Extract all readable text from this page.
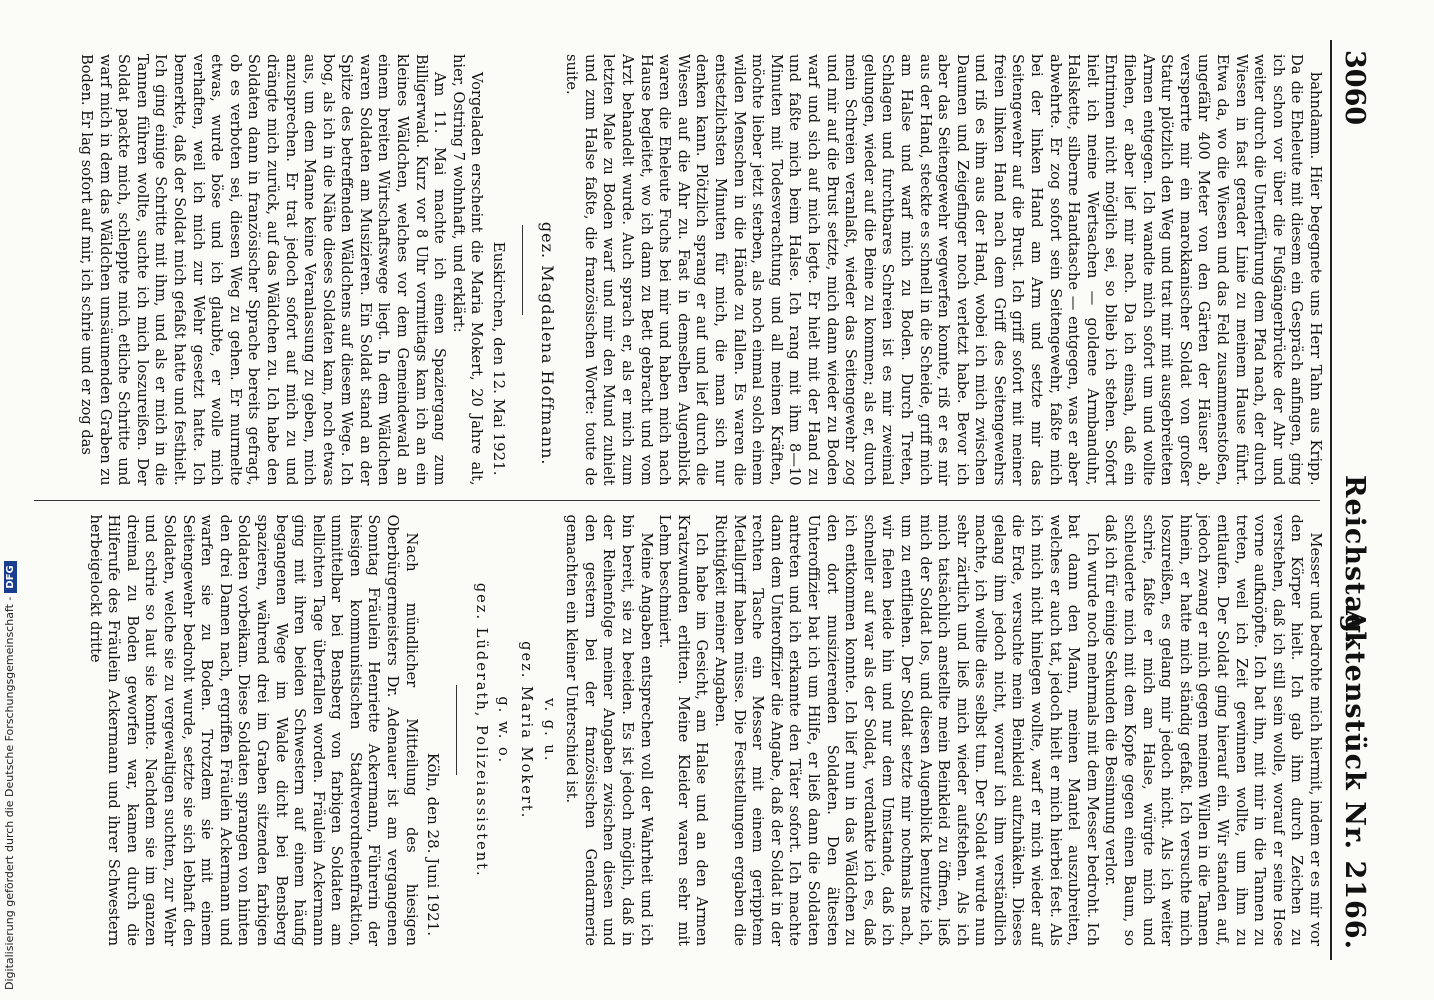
3060
Reichstag.
Aktenstück Nr. 2166.

bahndamm. Hier begegnete uns Herr Tahn aus Kripp. Da die Eheleute mit diesem ein Gespräch anfingen, ging ich schon vor über die Fußgängerbrücke der Ahr und weiter durch die Unterführung dem Pfad nach, der durch Wiesen in fast gerader Linie zu meinem Hause führt. Etwa da, wo die Wiesen und das Feld zusammenstoßen, ungefähr 400 Meter von den Gärten der Häuser ab, versperrte mir ein marokkanischer Soldat von großer Statur plötzlich den Weg und trat mir mit ausgebreiteten Armen entgegen. Ich wandte mich sofort um und wollte fliehen, er aber lief mir nach. Da ich einsah, daß ein Entrinnen nicht möglich sei, so blieb ich stehen. Sofort hielt ich meine Wertsachen — goldene Armbanduhr, Halskette, silberne Handtasche — entgegen, was er aber abwehrte. Er zog sofort sein Seitengewehr, faßte mich bei der linken Hand am Arm und setzte mir das Seitengewehr auf die Brust. Ich griff sofort mit meiner freien linken Hand nach dem Griff des Seitengewehrs und riß es ihm aus der Hand, wobei ich mich zwischen Daumen und Zeigefinger noch verletzt habe. Bevor ich aber das Seitengewehr wegwerfen konnte, riß er es mir aus der Hand, steckte es schnell in die Scheide, griff mich am Halse und warf mich zu Boden. Durch Treten, Schlagen und furchtbares Schreien ist es mir zweimal gelungen, wieder auf die Beine zu kommen; als er, durch mein Schreien veranlaßt, wieder das Seitengewehr zog und mir auf die Brust setzte, mich dann wieder zu Boden warf und sich auf mich legte. Er hielt mit der Hand zu und faßte mich beim Halse. Ich rang mit ihm 8—10 Minuten mit Todesverachtung und all meinen Kräften, möchte lieber jetzt sterben, als noch einmal solch einem wilden Menschen in die Hände zu fallen. Es waren die entsetzlichsten Minuten für mich, die man sich nur denken kann. Plötzlich sprang er auf und lief durch die Wiesen auf die Ahr zu. Fast in demselben Augenblick waren die Eheleute Fuchs bei mir und haben mich nach Hause begleitet, wo ich dann zu Bett gebracht und vom Arzt behandelt wurde. Auch sprach er, als er mich zum letzten Male zu Boden warf und mir den Mund zuhielt und zum Halse faßte, die französischen Worte: toute de suite.

gez. Magdalena Hoffmann.
Euskirchen, den 12. Mai 1921.

Vorgeladen erscheint die Maria Mokert, 20 Jahre alt, hier, Ostring 7 wohnhaft, und erklärt:

Am 11. Mai machte ich einen Spaziergang zum Billigerwald. Kurz vor 8 Uhr vormittags kam ich an ein kleines Wäldchen, welches vor dem Gemeindewald an einem breiten Wirtschaftswege liegt. In dem Wäldchen waren Soldaten am Musizieren. Ein Soldat stand an der Spitze des betreffenden Wäldchens auf diesem Wege. Ich bog, als ich in die Nähe dieses Soldaten kam, noch etwas aus, um dem Manne keine Veranlassung zu geben, mich anzusprechen. Er trat jedoch sofort auf mich zu und drängte mich zurück, auf das Wäldchen zu. Ich habe den Soldaten dann in französischer Sprache bereits gefragt, ob es verboten sei, diesen Weg zu gehen. Er murmelte etwas, wurde böse und ich glaubte, er wolle mich verhaften, weil ich mich zur Wehr gesetzt hatte. Ich bemerkte, daß der Soldat mich gefaßt hatte und festhielt. Ich ging einige Schritte mit ihm, und als er mich in die Tannen führen wollte, suchte ich mich loszureißen. Der Soldat packte mich, schleppte mich etliche Schritte und warf mich in dem das Wäldchen umsäumenden Graben zu Boden. Er lag sofort auf mir, ich schrie und er zog das

Messer und bedrohte mich hiermit, indem er es mir vor den Körper hielt. Ich gab ihm durch Zeichen zu verstehen, daß ich still sein wolle, worauf er seine Hose vorne aufknöpfte. Ich bat ihn, mit mir in die Tannen zu treten, weil ich Zeit gewinnen wollte, um ihm zu entlaufen. Der Soldat ging hierauf ein. Wir standen auf, jedoch zwang er mich gegen meinen Willen in die Tannen hinein, er hatte mich ständig gefaßt. Ich versuchte mich loszureißen, es gelang mir jedoch nicht. Als ich weiter schrie, faßte er mich am Halse, würgte mich und schleuderte mich mit dem Kopfe gegen einen Baum, so daß ich für einige Sekunden die Besinnung verlor.

Ich wurde noch mehrmals mit dem Messer bedroht. Ich bat dann den Mann, meinen Mantel auszubreiten, welches er auch tat, jedoch hielt er mich hierbei fest. Als ich mich nicht hinlegen wollte, warf er mich wieder auf die Erde, versuchte mein Beinkleid aufzuhäkeln. Dieses gelang ihm jedoch nicht, worauf ich ihm verständlich machte, ich wollte dies selbst tun. Der Soldat wurde nun sehr zärtlich und ließ mich wieder aufstehen. Als ich mich tatsächlich anstellte mein Beinkleid zu öffnen, ließ mich der Soldat los, und diesen Augenblick benutzte ich, um zu entfliehen. Der Soldat setzte mir nochmals nach, wir fielen beide hin und nur dem Umstande, daß ich schneller auf war als der Soldat, verdankte ich es, daß ich entkommen konnte. Ich lief nun in das Wäldchen zu den dort musizierenden Soldaten. Den ältesten Unteroffizier bat ich um Hilfe, er ließ dann die Soldaten antreten und ich erkannte den Täter sofort. Ich machte dann dem Unteroffizier die Angabe, daß der Soldat in der rechten Tasche ein Messer mit einem geripptem Metallgriff haben müsse. Die Feststellungen ergaben die Richtigkeit meiner Angaben.

Ich habe im Gesicht, am Halse und an den Armen Kratzwunden erlitten. Meine Kleider waren sehr mit Lehm beschmiert.

Meine Angaben entsprechen voll der Wahrheit und ich bin bereit, sie zu beeiden. Es ist jedoch möglich, daß in der Reihenfolge meiner Angaben zwischen diesen und den gestern bei der französischen Gendarmerie gemachten ein kleiner Unterschied ist.

v. g. u.
gez. Maria Mokert.
g. w. o.
gez. Lüderath, Polizeiassistent.
Köln, den 28. Juni 1921.

Nach mündlicher Mitteilung des hiesigen Oberbürgermeisters Dr. Adenauer ist am vergangenen Sonntag Fräulein Henriette Ackermann, Führerin der hiesigen kommunistischen Stadtverordnetenfraktion, unmittelbar bei Bensberg von farbigen Soldaten am hellichten Tage überfallen worden. Fräulein Ackermann ging mit ihren beiden Schwestern auf einem häufig begangenen Wege im Walde dicht bei Bensberg spazieren, während drei im Graben sitzenden farbigen Soldaten vorbeikam. Diese Soldaten sprangen von hinten den drei Damen nach, ergriffen Fräulein Ackermann und warfen sie zu Boden. Trotzdem sie mit einem Seitengewehr bedroht wurde, setzte sie sich lebhaft den Soldaten, welche sie zu vergewaltigen suchten, zur Wehr und schrie so laut sie konnte. Nachdem sie im ganzen dreimal zu Boden geworfen war, kamen durch die Hilferufe des Fräulein Ackermann und ihrer Schwestern herbeigelockt dritte

Digitalisierung gefördert durch die Deutsche Forschungsgemeinschaft -DFG
